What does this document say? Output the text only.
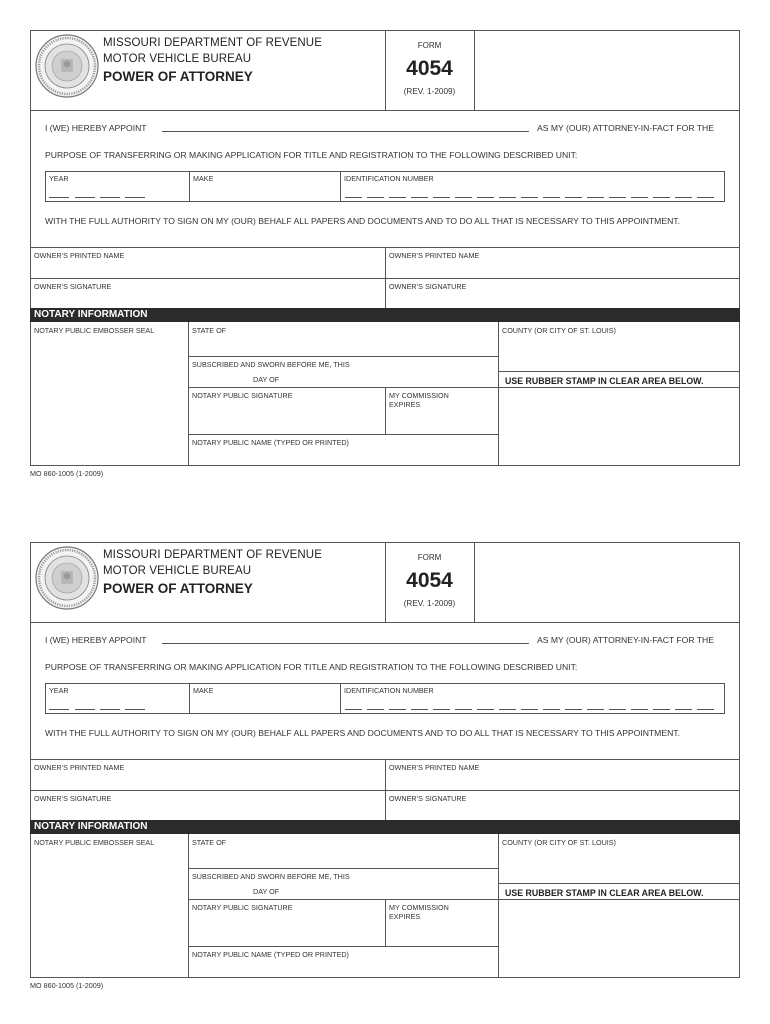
MISSOURI DEPARTMENT OF REVENUE
MOTOR VEHICLE BUREAU
POWER OF ATTORNEY
FORM
4054
(REV. 1-2009)
I (WE) HEREBY APPOINT	AS MY (OUR) ATTORNEY-IN-FACT FOR THE
PURPOSE OF TRANSFERRING OR MAKING APPLICATION FOR TITLE AND REGISTRATION TO THE FOLLOWING DESCRIBED UNIT:
YEAR	MAKE	IDENTIFICATION NUMBER
WITH THE FULL AUTHORITY TO SIGN ON MY (OUR) BEHALF ALL PAPERS AND DOCUMENTS AND TO DO ALL THAT IS NECESSARY TO THIS APPOINTMENT.
OWNER’S PRINTED NAME	OWNER’S PRINTED NAME
OWNER’S SIGNATURE	OWNER’S SIGNATURE
NOTARY INFORMATION
NOTARY PUBLIC EMBOSSER SEAL	STATE OF	COUNTY (OR CITY OF ST. LOUIS)
SUBSCRIBED AND SWORN BEFORE ME, THIS
DAY OF	USE RUBBER STAMP IN CLEAR AREA BELOW.
NOTARY PUBLIC SIGNATURE	MY COMMISSION EXPIRES
NOTARY PUBLIC NAME (TYPED OR PRINTED)
MO 860-1005 (1-2009)
MISSOURI DEPARTMENT OF REVENUE
MOTOR VEHICLE BUREAU
POWER OF ATTORNEY
FORM
4054
(REV. 1-2009)
I (WE) HEREBY APPOINT	AS MY (OUR) ATTORNEY-IN-FACT FOR THE
PURPOSE OF TRANSFERRING OR MAKING APPLICATION FOR TITLE AND REGISTRATION TO THE FOLLOWING DESCRIBED UNIT:
YEAR	MAKE	IDENTIFICATION NUMBER
WITH THE FULL AUTHORITY TO SIGN ON MY (OUR) BEHALF ALL PAPERS AND DOCUMENTS AND TO DO ALL THAT IS NECESSARY TO THIS APPOINTMENT.
OWNER’S PRINTED NAME	OWNER’S PRINTED NAME
OWNER’S SIGNATURE	OWNER’S SIGNATURE
NOTARY INFORMATION
NOTARY PUBLIC EMBOSSER SEAL	STATE OF	COUNTY (OR CITY OF ST. LOUIS)
SUBSCRIBED AND SWORN BEFORE ME, THIS
DAY OF	USE RUBBER STAMP IN CLEAR AREA BELOW.
NOTARY PUBLIC SIGNATURE	MY COMMISSION EXPIRES
NOTARY PUBLIC NAME (TYPED OR PRINTED)
MO 860-1005 (1-2009)
